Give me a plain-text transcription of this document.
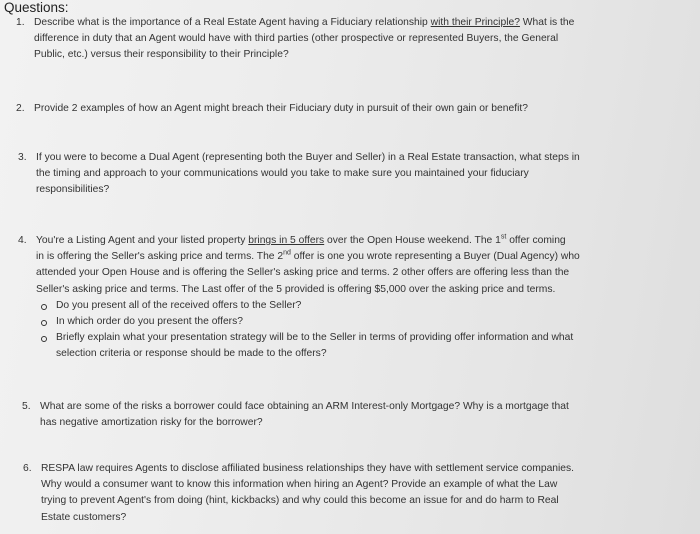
Questions:
1. Describe what is the importance of a Real Estate Agent having a Fiduciary relationship with their Principle? What is the
difference in duty that an Agent would have with third parties (other prospective or represented Buyers, the General
Public, etc.) versus their responsibility to their Principle?
2. Provide 2 examples of how an Agent might breach their Fiduciary duty in pursuit of their own gain or benefit?
3. If you were to become a Dual Agent (representing both the Buyer and Seller) in a Real Estate transaction, what steps in
the timing and approach to your communications would you take to make sure you maintained your fiduciary
responsibilities?
4. You're a Listing Agent and your listed property brings in 5 offers over the Open House weekend. The 1st offer coming
in is offering the Seller's asking price and terms. The 2nd offer is one you wrote representing a Buyer (Dual Agency) who
attended your Open House and is offering the Seller's asking price and terms. 2 other offers are offering less than the
Seller's asking price and terms. The Last offer of the 5 provided is offering $5,000 over the asking price and terms.
Do you present all of the received offers to the Seller?
In which order do you present the offers?
Briefly explain what your presentation strategy will be to the Seller in terms of providing offer information and what
selection criteria or response should be made to the offers?
5. What are some of the risks a borrower could face obtaining an ARM Interest-only Mortgage? Why is a mortgage that
has negative amortization risky for the borrower?
6. RESPA law requires Agents to disclose affiliated business relationships they have with settlement service companies.
Why would a consumer want to know this information when hiring an Agent? Provide an example of what the Law
trying to prevent Agent's from doing (hint, kickbacks) and why could this become an issue for and do harm to Real
Estate customers?
